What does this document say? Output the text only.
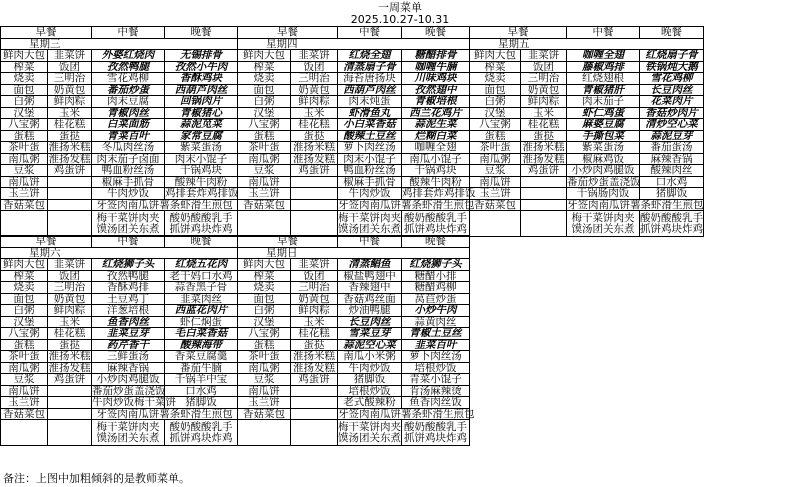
一周菜单
2025.10.27-10.31
早餐		中餐	晚餐	早餐		中餐	晚餐	早餐		中餐	晚餐
星期三				星期四				星期五			
鲜肉大包	韭菜饼	外婆红烧肉	无锡排骨	鲜肉大包	韭菜饼	红烧全翅	糖醋排骨	鲜肉大包	韭菜饼	咖喱全翅	红烧扇子骨
榨菜	饭团	孜然鸭腿	孜然小牛肉	榨菜	饭团	清蒸扇子骨	咖喱牛腩	榨菜	饭团	藤椒鸡排	铁锅炖大鹅
烧卖	三明治	雪花鸡柳	香酥鸡块	烧卖	三明治	海苔唐扬块	川味鸡块	烧卖	三明治	红烧翅根	雪花鸡柳
面包	奶黄包	番茄炒蛋	西葫芦肉丝	面包	奶黄包	西葫芦肉丝	孜然翅中	面包	奶黄包	青椒猪肝	长豆肉丝
白粥	鲜肉粽	肉末豆腐	回锅肉片	白粥	鲜肉粽	肉末炖蛋	青椒培根	白粥	鲜肉粽	肉末茄子	花菜肉片
汉堡	玉米	青椒肉丝	青椒猪心	汉堡	玉米	虾滑鱼丸	西兰花鸡片	汉堡	玉米	虾仁鸡蛋	香菇炒肉片
八宝粥	桂花糕	白菜面筋	蒜泥苋菜	八宝粥	桂花糕	小白菜香菇	蒜泥生菜	八宝粥	桂花糕	麻婆豆腐	清炒空心菜
蛋糕	蛋挞	青菜百叶	家常豆腐	蛋糕	蛋挞	酸辣土豆丝	烂糊白菜	蛋糕	蛋挞	手撕包菜	蒜泥豆芽
茶叶蛋	淮扬米糕	冬瓜肉丝汤	紫菜蛋汤	茶叶蛋	淮扬米糕	萝卜肉丝汤	咖喱全翅	茶叶蛋	淮扬米糕	紫菜蛋汤	番茄蛋汤
南瓜粥	淮扬发糕	肉末茄子卤面	肉末小馄子	南瓜粥	淮扬发糕	肉末小馄子	南瓜小馄子	南瓜粥	淮扬发糕	椒麻鸡饭	麻辣香锅
豆浆	鸡蛋饼	鸭血粉丝汤	干锅鸡块	豆浆	鸡蛋饼	鸭血粉丝汤	干锅鸡块	豆浆	鸡蛋饼	小炒肉鸡腿饭	酸辣肉丝
南瓜饼		椒麻手抓骨	酸辣牛肉粉	南瓜饼		椒麻手抓骨	酸辣牛肉粉	南瓜饼		番茄炒蛋盖浇饭	口水鸡
玉兰饼		牛肉炒饭	鸡排套炸鸡排饭	玉兰饼		牛肉炒饭	鸡排套炸鸡排饭	玉兰饼		干锅肠肉饭	猪脚饭
香菇菜包		牙签肉南瓜饼薯条虾滑生煎包		香菇菜包		牙签肉南瓜饼薯条虾滑生煎包		香菇菜包		牙签肉南瓜饼薯条虾滑生煎包	
		梅干菜饼肉夹馍汤团关东煮	酸奶酸酸乳手抓饼鸡块炸鸡			梅干菜饼肉夹馍汤团关东煮	酸奶酸酸乳手抓饼鸡块炸鸡			梅干菜饼肉夹馍汤团关东煮	酸奶酸酸乳手抓饼鸡块炸鸡
早餐		中餐	晚餐	早餐		中餐	晚餐
星期六				星期日			
鲜肉大包	韭菜饼	红烧狮子头	红烧五花肉	鲜肉大包	韭菜饼	清蒸鲳鱼	红烧狮子头
榨菜	饭团	孜然鸭腿	老干妈口水鸡	榨菜	饭团	椒盐鸭翅中	糖醋小排
烧卖	三明治	香酥鸡排	蒜香黑子骨	烧卖	三明治	香辣翅中	糖醋鸡柳
面包	奶黄包	土豆鸡丁	韭菜肉丝	面包	奶黄包	香菇鸡丝面	莴苣炒蛋
白粥	鲜肉粽	洋葱培根	西蓝花肉片	白粥	鲜肉粽	炒油鸭腿	小炒牛肉
汉堡	玉米	鱼香肉丝	虾仁焖蛋	汉堡	玉米	长豆肉丝	蒜黄肉丝
八宝粥	桂花糕	韭菜豆芽	毛白菜香菇	八宝粥	桂花糕	雪菜豆芽	青椒土豆丝
蛋糕	蛋挞	药芹香干	酸辣海带	蛋糕	蛋挞	蒜泥空心菜	韭菜百叶
茶叶蛋	淮扬米糕	三鲜蛋汤	香菜豆腐羹	茶叶蛋	淮扬米糕	南瓜小米粥	萝卜肉丝汤
南瓜粥	淮扬发糕	麻辣香锅	番茄牛腩	南瓜粥	淮扬发糕	牛肉炒饭	培根炒饭
豆浆	鸡蛋饼	小炒肉鸡腿饭	千锅羊中宝	豆浆	鸡蛋饼	猪脚饭	青菜小馄子
南瓜饼		番茄炒蛋盖浇饭	口水鸡	南瓜饼		培根炒饭	肯汤麻辣烫
玉兰饼		牛肉炒饭梅干菜饼	猪脚饭	玉兰饼		老式酸辣粉	鱼香肉丝饭
香菇菜包		牙签肉南瓜饼薯条虾滑生煎包		香菇菜包		牙签肉南瓜饼薯条虾滑生煎包	
		梅干菜饼肉夹馍汤团关东煮	酸奶酸酸乳手抓饼鸡块炸鸡			梅干菜饼肉夹馍汤团关东煮	酸奶酸酸乳手抓饼鸡块炸鸡
备注：上图中加粗倾斜的是教师菜单。
